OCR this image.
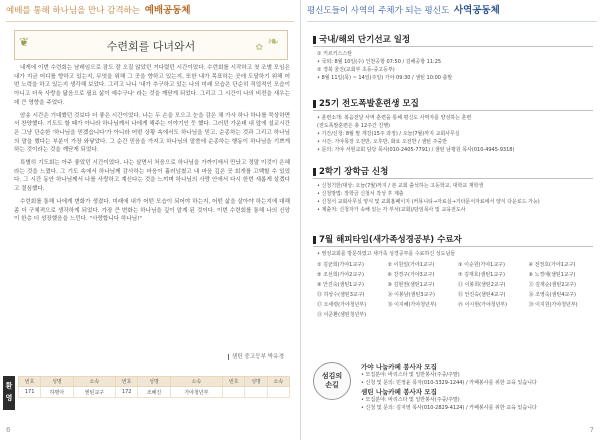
예배를 통해 하나님을 만나 감격하는 예배공동체
❦	수련회를 다녀와서	❧
✿

내게에 이번 수련회는 남레임으로 잠도 잘 오질 않았던 거다렸던 시간이었다. 수련회를 시작하고 첫 조별 모임은 내가 지금 어디를 향하고 있는지, 무엇을 위해 그 곳을 향하고 있는지, 또한 내가 목표하는 곳에 도달하기 위해 어떤 노력을 하고 있는지 생각해 보았다. 그리고 나니 '내가 추구하고 있는 나의 미래 모습은 단순히 직업적인 모습이 아니고 더욱 사랑을 닮음으로 필요 삶이 예수구나' 라는 것을 깨닫게 되었다. 그리고 그 시간이 나의 비전을 새우는 데 큰 영향을 주었다.

암송 시간은 기대했던 것보다 더 좋은 시간이었다. 나는 두 손을 모으고 눈을 감은 채 가사 하나 하나를 묵상하면서 찬양했다. 기도도 할 때가 아니라 하나님께서 나에게 해주는 이야기인 듯 했다. 그러던 가운데 내 앞에 설교시간은 그냥 단순한 '하나님을 믿겠습니다'가 아니라 어떤 상황 속에서도 하나님을 믿고, 순종하는 것과 그리고 하나님의 말을 했다는 부분이 가장 와닿았다. 그 순간 믿음을 가지고 하나님의 말씀에 순종하는 행동이 하나님을 기쁘게 하는 것이라는 것을 깨닫게 되었다.

특별히 기도회는 아주 좋았던 시간이었다. 나는 살면서 처음으로 하나님을 가까이에서 만났고 정말 이것이 은혜라는 것을 느꼈다. 그 기도 속에서 하나님께 감사하는 마음이 흘러넘쳤고 내 마음 깊은 곳 회개를 고백할 수 있었다. 그 시간 동안 하나님께서 나를 사랑하고 계신다는 것을 느끼며 하나님의 사랑 안에서 다시 한번 새롭게 살겠다고 결심했다.

수련회를 통해 나에게 변화가 생겼다. 미래에 내가 어떤 모습이 되어야 하는지, 어떤 삶을 살아야 하는지에 대해 좀 더 구체적으로 생각하게 되었다. 가장 큰 변화는 하나님을 깊이 알게 된 것이다. 이번 수련회를 통해 나의 신앙이 한층 더 성장했음을 느낀다. "사랑합니다 하나님!"

샘틴 중고등부 박유경
환영
번호	성명	소속	번호	성명	소속	번호	성명	소속
171	하명아	엔틴교구	172	조혜진	가야청년부			
6
평신도들이 사역의 주체가 되는 평신도 사역공동체
국내/해외 단기선교 일정
① 키르키스스탄
• 국외: 8월 10일(수) 인천공항 07:50 / 김해공항 11:25
② 경북 울진(교회부 초등-중고등부)
• 8월 11일(목) ~ 14일(주일) 가야 09:30 / 샘틴 10:00 출발
25기 전도폭발훈련생 모집
• 훈련소개: 복음전달 사역 훈련을 통해 평신도 사역자를 양성하는 훈련
(전도폭발훈련은 총 12주간 진행)
• 기간/신청: 8월 말 개강(15주 과정) / 오늘(7월)까지 교회사무실
• 시간: 가야목장 오전반, 오후반, 화요 오전반 / 샘틴 주중반
• 문의: 가야 서현교회 담당 목사(010-2405-7791) / 샘틴 남평원 목사(010-4945-9318)
2학기 장학금 신청
• 신청기한/대상: 오늘(7월)까지 / 본 교회 출석하는 고등학교, 대학교 재학생
• 신청방법: 장학금 신청서 작성 후 제출
• 신청서 교회사무실 양식 및 교회홈페이지 (커뮤니티→자료실→기타문서자료에서 양식 다운로드 가능)
• 제출처: 신청자가 속해 있는 각 부서(교회)/담임목사 및 교육전도사
7월 해피타임(새가족성경공부) 수료자
• 영성교회를 방문하였고 새가족 성경공부를 수료하신 성도님들
① 김균희(가야1교구)	② 이원일(가야1교구)	③ 이순원(가야1교구)	④ 전정호(가야1교구)
⑤ 조선희(가야2교구)	⑥ 강경구(가야3교구)	⑦ 김재호(샘틴1교구)	⑧ 노경애(샘틴1교구)
⑨ 안진숙(샘틴1교구)	⑩ 김현권(샘틴1교구)	⑪ 이봉희(샘틴2교구)	⑫ 김재순(샘틴2교구)
⑬ 하상수(샘틴3교구)	⑭ 이봉남(샘틴3교구)	⑮ 안진숙(샘틴4교구)	⑯ 조영숙(샘틴4교구)
⑰ 오세령(가야청년부)	⑱ 이지혜(가야청년부)	⑲ 이시현(가야청년부)	⑳ 이지원(가야청년부)
㉑ 이준환(샘틴청년부)
섬김의
손길
가야 나눔카페 봉사자 모집
• 모집분야: 바리스타 및 일반봉사(주중/주말)
• 신청 및 문의: 민정윤 목자(010-3329-1244) / 카페봉사를 위한 교육 있습니다
샘틴 나눔카페 봉사자 모집
• 모집분야: 바리스타 및 일반봉사(주중/주말)
• 신청 및 문의: 김지영 목사(010-2829-4124) / 카페봉사를 위한 교육 있습니다
7
